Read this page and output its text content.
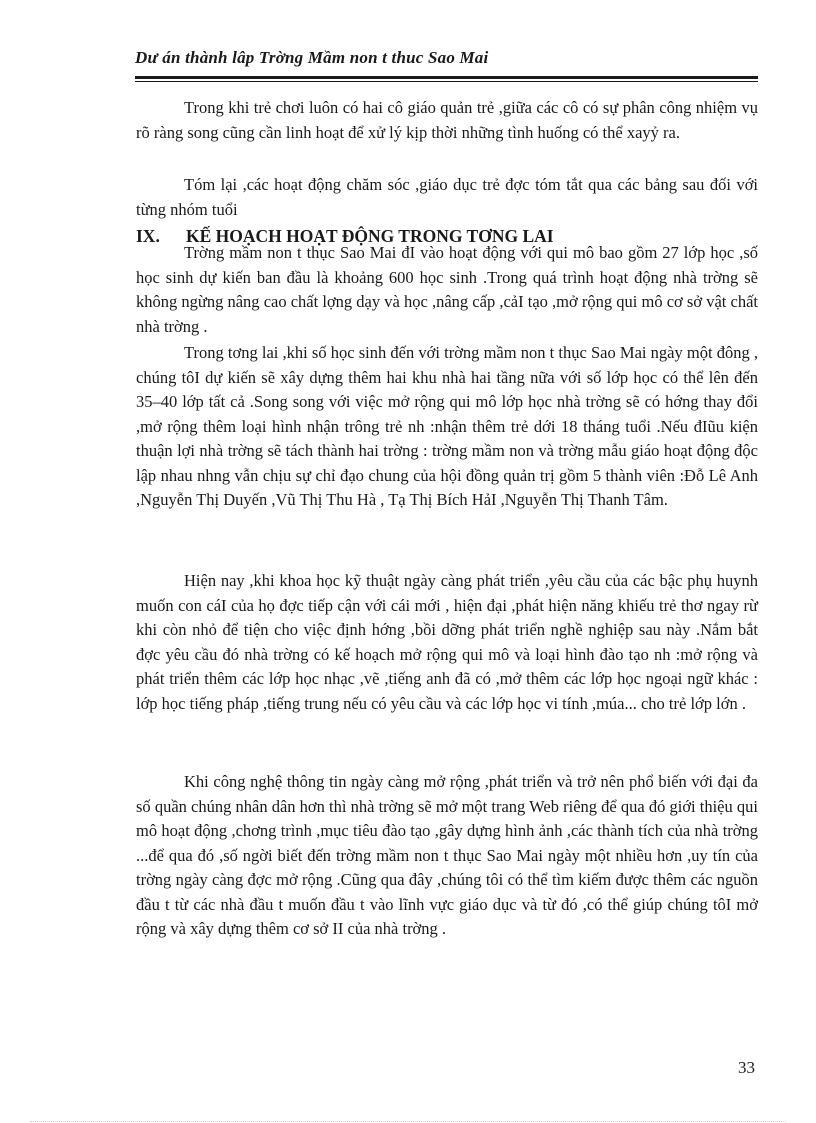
Dư án thành lâp Trờng Mầm non t thuc Sao Mai

Trong khi trẻ chơi luôn có hai cô giáo quản trẻ ,giữa các cô có sự phân công nhiệm vụ rõ ràng song cũng cần linh hoạt để xử lý kịp thời những tình huống có thể xayỷ ra.

Tóm lại ,các hoạt động chăm sóc ,giáo dục trẻ đợc tóm tắt qua các bảng sau đối với từng nhóm tuổi

IX. KẾ HOẠCH HOẠT ĐỘNG TRONG TƠNG LAI

Trờng mầm non t thục Sao Mai đI vào hoạt động với qui mô bao gồm 27 lớp học ,số học sinh dự kiến ban đầu là khoảng 600 học sinh .Trong quá trình hoạt động nhà trờng sẽ không ngừng nâng cao chất lợng dạy và học ,nâng cấp ,cảI tạo ,mở rộng qui mô cơ sở vật chất nhà trờng .

Trong tơng lai ,khi số học sinh đến với trờng mầm non t thục Sao Mai ngày một đông , chúng tôI dự kiến sẽ xây dựng thêm hai khu nhà hai tầng nữa với số lớp học có thể lên đến 35–40 lớp tất cả .Song song với việc mở rộng qui mô lớp học nhà trờng sẽ có hớng thay đổi ,mở rộng thêm loại hình nhận trông trẻ nh :nhận thêm trẻ dới 18 tháng tuổi .Nếu đIũu kiện thuận lợi nhà trờng sẽ tách thành hai trờng : trờng mầm non và trờng mẫu giáo hoạt động độc lập nhau nhng vẫn chịu sự chỉ đạo chung của hội đồng quản trị gồm 5 thành viên :Đỗ Lê Anh ,Nguyễn Thị Duyến ,Vũ Thị Thu Hà , Tạ Thị Bích HảI ,Nguyễn Thị Thanh Tâm.

Hiện nay ,khi khoa học kỹ thuật ngày càng phát triển ,yêu cầu của các bậc phụ huynh muốn con cáI của họ đợc tiếp cận với cái mới , hiện đại ,phát hiện năng khiếu trẻ thơ ngay rừ khi còn nhỏ để tiện cho việc định hớng ,bồi dỡng phát triển nghề nghiệp sau này .Nắm bắt đợc yêu cầu đó nhà trờng có kế hoạch mở rộng qui mô và loại hình đào tạo nh :mở rộng và phát triển thêm các lớp học nhạc ,vẽ ,tiếng anh đã có ,mở thêm các lớp học ngoại ngữ khác : lớp học tiếng pháp ,tiếng trung nếu có yêu cầu và các lớp học vi tính ,múa... cho trẻ lớp lớn .

Khi công nghệ thông tin ngày càng mở rộng ,phát triển và trở nên phổ biến với đại đa số quần chúng nhân dân hơn thì nhà trờng sẽ mở một trang Web riêng để qua đó giới thiệu qui mô hoạt động ,chơng trình ,mục tiêu đào tạo ,gây dựng hình ảnh ,các thành tích của nhà trờng ...để qua đó ,số ngời biết đến trờng mầm non t thục Sao Mai ngày một nhiều hơn ,uy tín của trờng ngày càng đợc mở rộng .Cũng qua đây ,chúng tôi có thể tìm kiếm được thêm các nguồn đầu t từ các nhà đầu t muốn đầu t vào lĩnh vực giáo dục và từ đó ,có thể giúp chúng tôI mở rộng và xây dựng thêm cơ sở II của nhà trờng .

33
